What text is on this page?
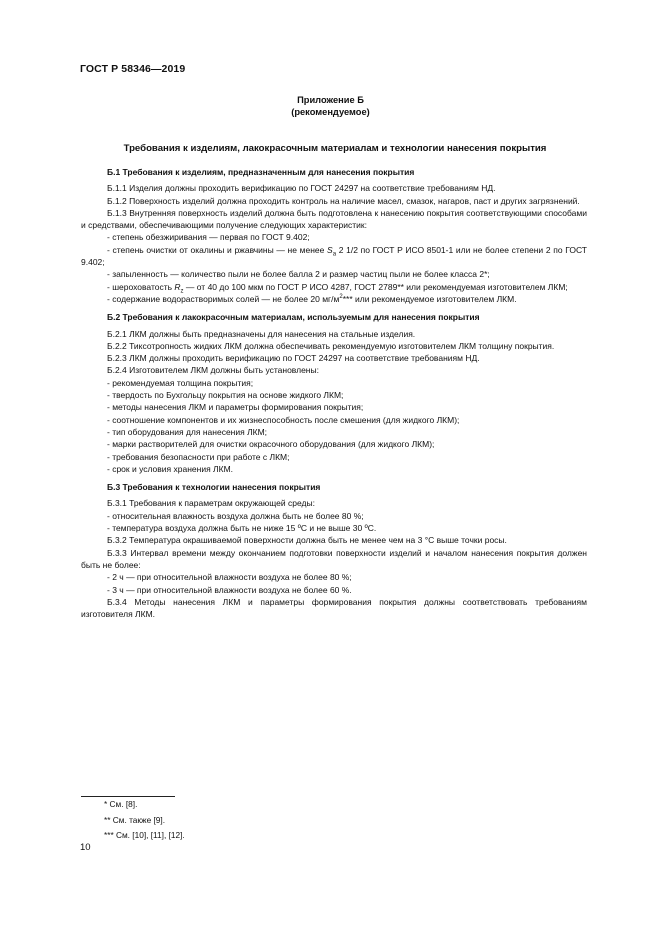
ГОСТ Р 58346—2019
Приложение Б
(рекомендуемое)
Требования к изделиям, лакокрасочным материалам и технологии нанесения покрытия

Б.1 Требования к изделиям, предназначенным для нанесения покрытия

Б.1.1 Изделия должны проходить верификацию по ГОСТ 24297 на соответствие требованиям НД.

Б.1.2 Поверхность изделий должна проходить контроль на наличие масел, смазок, нагаров, паст и других загрязнений.

Б.1.3 Внутренняя поверхность изделий должна быть подготовлена к нанесению покрытия соответствующими способами и средствами, обеспечивающими получение следующих характеристик:

- степень обезжиривания — первая по ГОСТ 9.402;

- степень очистки от окалины и ржавчины — не менее $S_a$ 2 1/2 по ГОСТ Р ИСО 8501-1 или не более степени 2 по ГОСТ 9.402;

- запыленность — количество пыли не более балла 2 и размер частиц пыли не более класса 2*;

- шероховатость $R_z$ — от 40 до 100 мкм по ГОСТ Р ИСО 4287, ГОСТ 2789** или рекомендуемая изготовителем ЛКМ;

- содержание водорастворимых солей — не более 20 $мг/м^2***$ или рекомендуемое изготовителем ЛКМ.

Б.2 Требования к лакокрасочным материалам, используемым для нанесения покрытия

Б.2.1 ЛКМ должны быть предназначены для нанесения на стальные изделия.

Б.2.2 Тиксотропность жидких ЛКМ должна обеспечивать рекомендуемую изготовителем ЛКМ толщину покрытия.

Б.2.3 ЛКМ должны проходить верификацию по ГОСТ 24297 на соответствие требованиям НД.

Б.2.4 Изготовителем ЛКМ должны быть установлены:

- рекомендуемая толщина покрытия;

- твердость по Бухгольцу покрытия на основе жидкого ЛКМ;

- методы нанесения ЛКМ и параметры формирования покрытия;

- соотношение компонентов и их жизнеспособность после смешения (для жидкого ЛКМ);

- тип оборудования для нанесения ЛКМ;

- марки растворителей для очистки окрасочного оборудования (для жидкого ЛКМ);

- требования безопасности при работе с ЛКМ;

- срок и условия хранения ЛКМ.

Б.3 Требования к технологии нанесения покрытия

Б.3.1 Требования к параметрам окружающей среды:

- относительная влажность воздуха должна быть не более 80 %;

- температура воздуха должна быть не ниже 15 ºС и не выше 30 ºС.

Б.3.2 Температура окрашиваемой поверхности должна быть не менее чем на 3 °С выше точки росы.

Б.3.3 Интервал времени между окончанием подготовки поверхности изделий и началом нанесения покрытия должен быть не более:

- 2 ч — при относительной влажности воздуха не более 80 %;

- 3 ч — при относительной влажности воздуха не более 60 %.

Б.3.4 Методы нанесения ЛКМ и параметры формирования покрытия должны соответствовать требованиям изготовителя ЛКМ.

* См. [8].
** См. также [9].
*** См. [10], [11], [12].
10
